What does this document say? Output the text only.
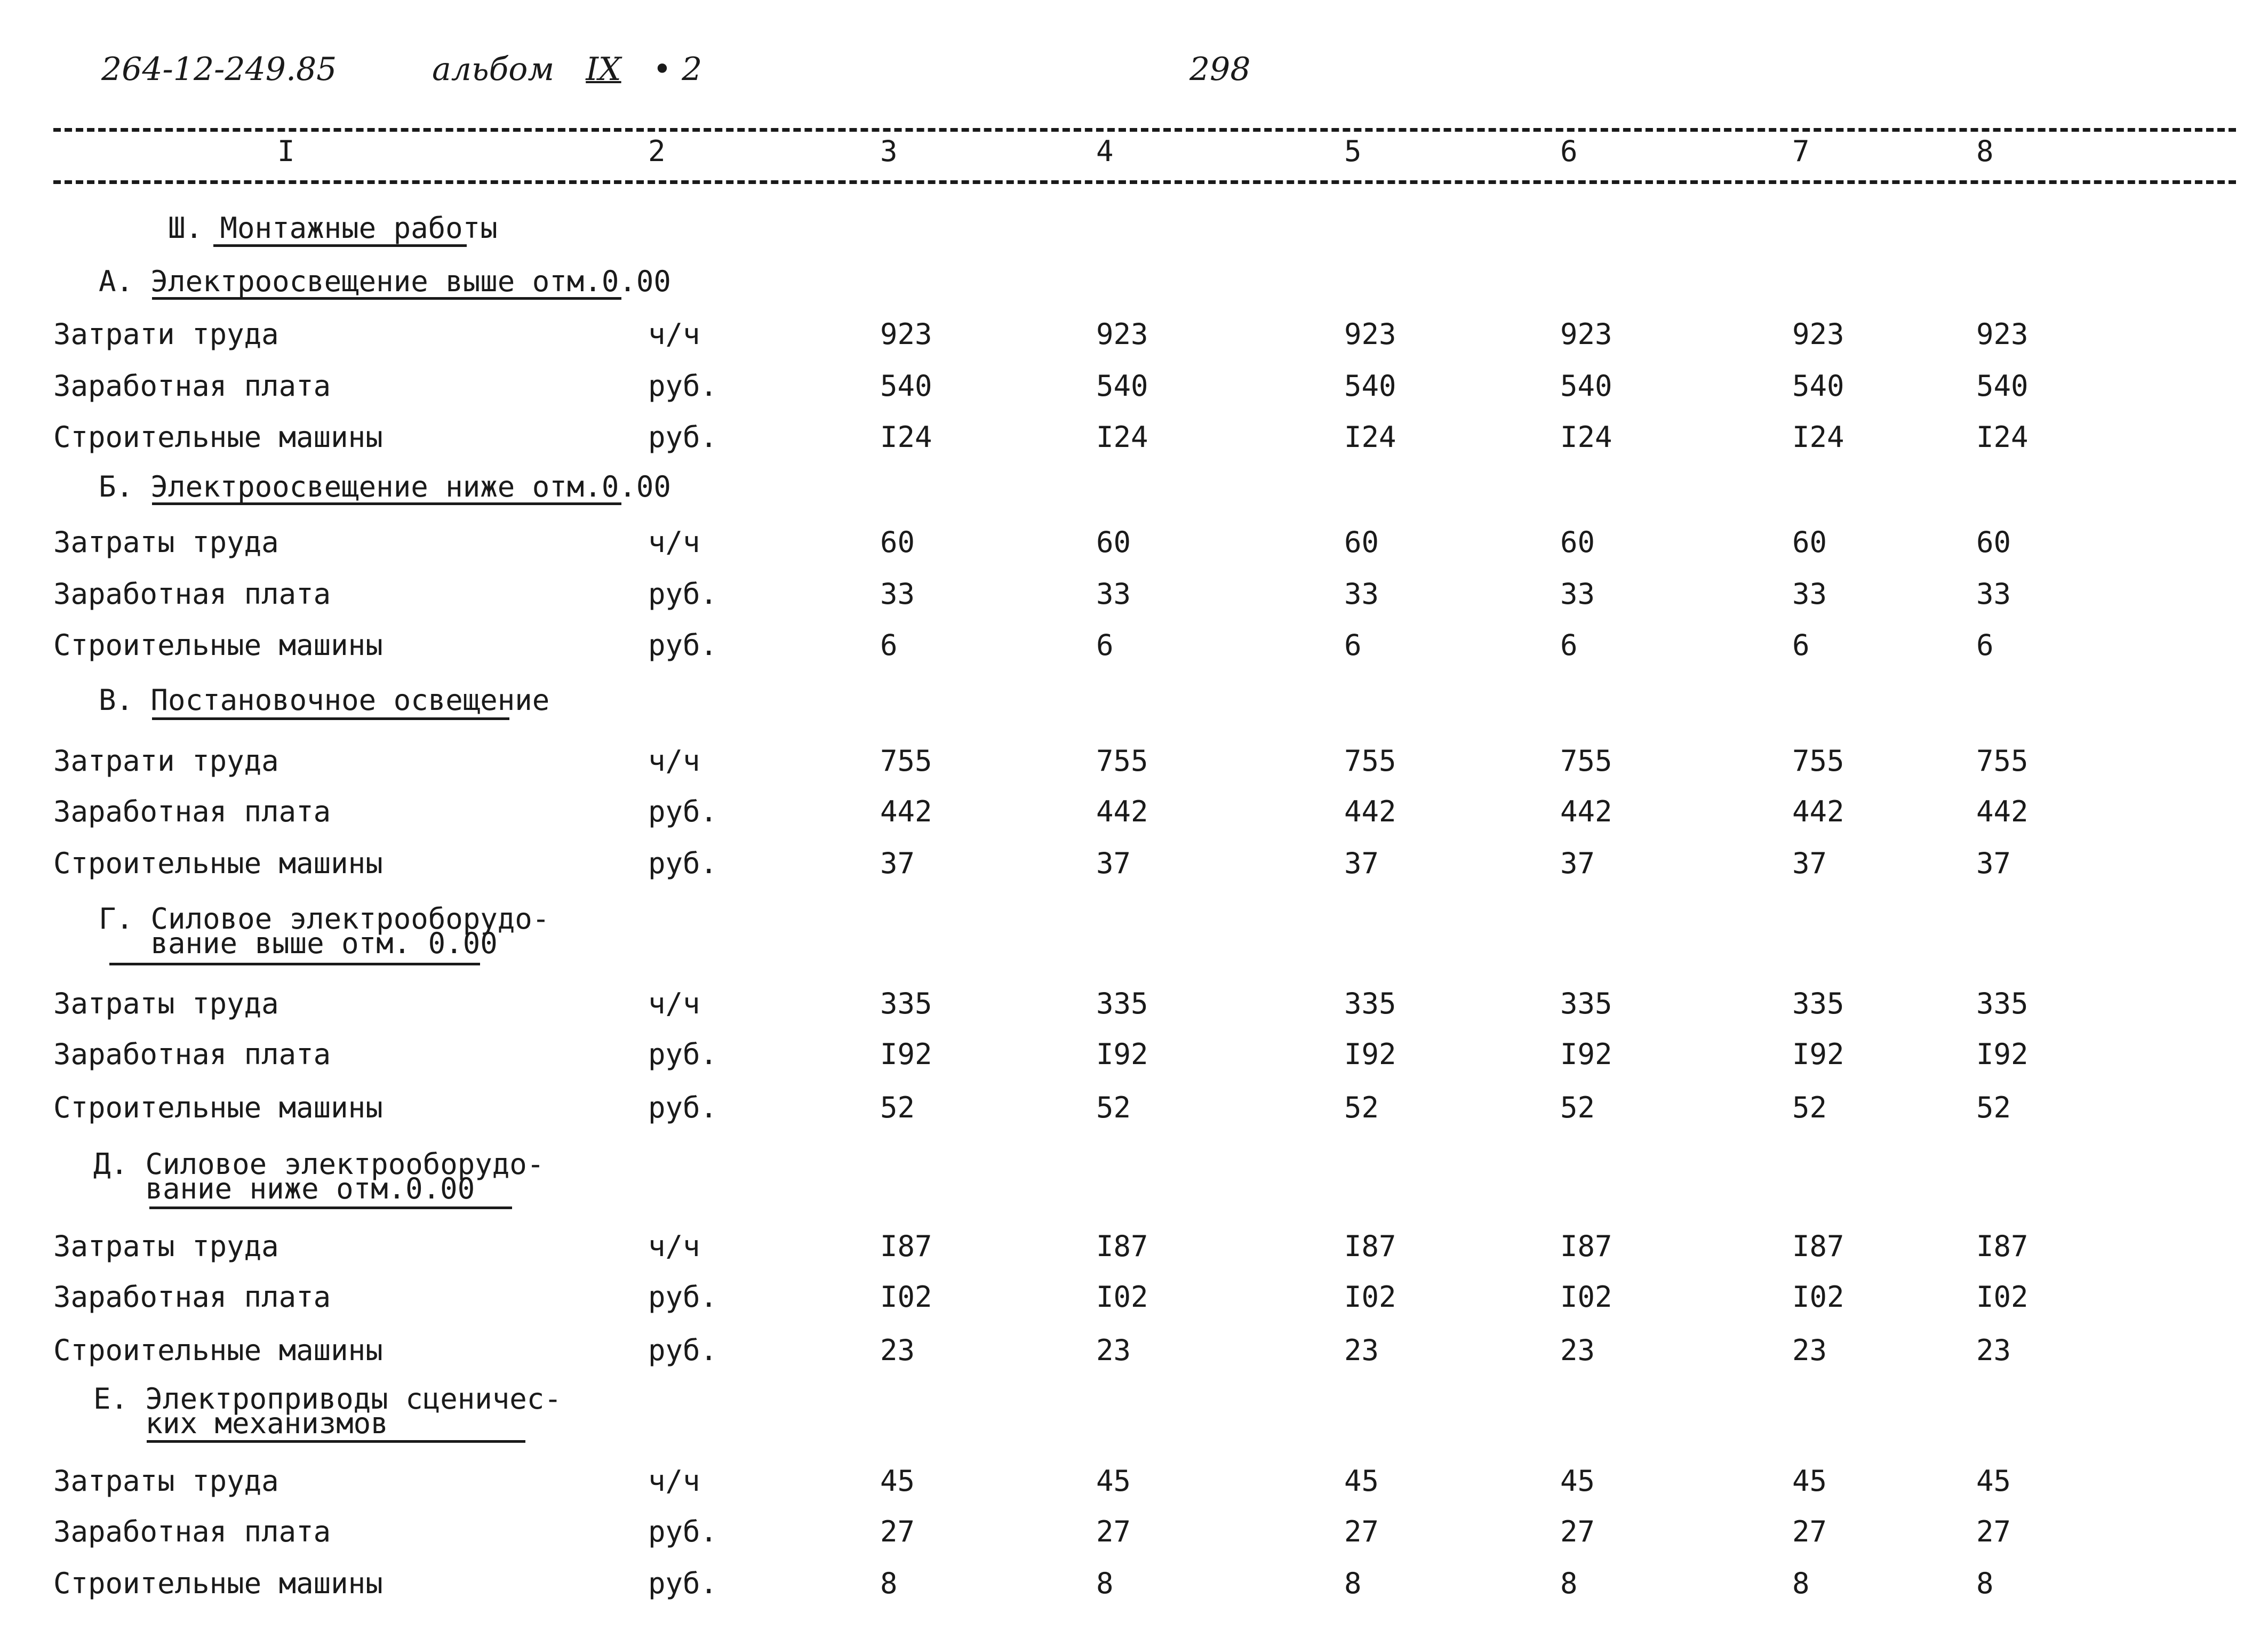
264-12-249.85	альбом IX • 2	298
I	2	3	4	5	6	7	8
Ш. Монтажные работы
А. Электроосвещение выше отм.0.00
Затрати труда	ч/ч	923	923	923	923	923	923
Заработная плата	руб.	540	540	540	540	540	540
Строительные машины	руб.	I24	I24	I24	I24	I24	I24
Б. Электроосвещение ниже отм.0.00
Затраты труда	ч/ч	60	60	60	60	60	60
Заработная плата	руб.	33	33	33	33	33	33
Строительные машины	руб.	6	6	6	6	6	6
В. Постановочное освещение
Затрати труда	ч/ч	755	755	755	755	755	755
Заработная плата	руб.	442	442	442	442	442	442
Строительные машины	руб.	37	37	37	37	37	37
Г. Силовое электрооборудо-
вание выше отм. 0.00
Затраты труда	ч/ч	335	335	335	335	335	335
Заработная плата	руб.	I92	I92	I92	I92	I92	I92
Строительные машины	руб.	52	52	52	52	52	52
Д. Силовое электрооборудо-
вание ниже отм.0.00
Затраты труда	ч/ч	I87	I87	I87	I87	I87	I87
Заработная плата	руб.	I02	I02	I02	I02	I02	I02
Строительные машины	руб.	23	23	23	23	23	23
Е. Электроприводы сценичес-
ких механизмов
Затраты труда	ч/ч	45	45	45	45	45	45
Заработная плата	руб.	27	27	27	27	27	27
Строительные машины	руб.	8	8	8	8	8	8
